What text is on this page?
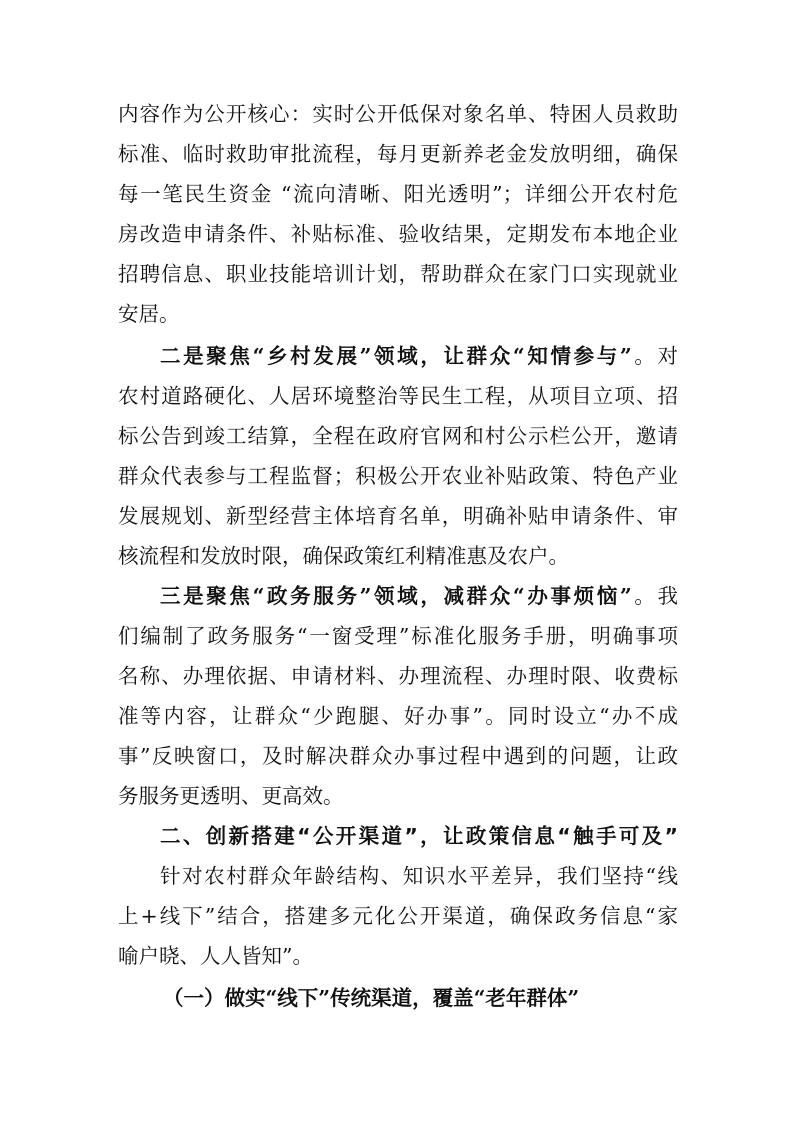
内容作为公开核心：实时公开低保对象名单、特困人员救助
标准、临时救助审批流程，每月更新养老金发放明细，确保
每一笔民生资金 “流向清晰、阳光透明”；详细公开农村危
房改造申请条件、补贴标准、验收结果，定期发布本地企业
招聘信息、职业技能培训计划，帮助群众在家门口实现就业
安居。
二是聚焦“乡村发展”领域，让群众“知情参与”。对
农村道路硬化、人居环境整治等民生工程，从项目立项、招
标公告到竣工结算，全程在政府官网和村公示栏公开，邀请
群众代表参与工程监督；积极公开农业补贴政策、特色产业
发展规划、新型经营主体培育名单，明确补贴申请条件、审
核流程和发放时限，确保政策红利精准惠及农户。
三是聚焦“政务服务”领域，减群众“办事烦恼”。我
们编制了政务服务“一窗受理”标准化服务手册，明确事项
名称、办理依据、申请材料、办理流程、办理时限、收费标
准等内容，让群众“少跑腿、好办事”。同时设立“办不成
事”反映窗口，及时解决群众办事过程中遇到的问题，让政
务服务更透明、更高效。
二、创新搭建“公开渠道”，让政策信息“触手可及”
针对农村群众年龄结构、知识水平差异，我们坚持“线
上+线下”结合，搭建多元化公开渠道，确保政务信息“家
喻户晓、人人皆知”。
（一）做实“线下”传统渠道，覆盖“老年群体”
